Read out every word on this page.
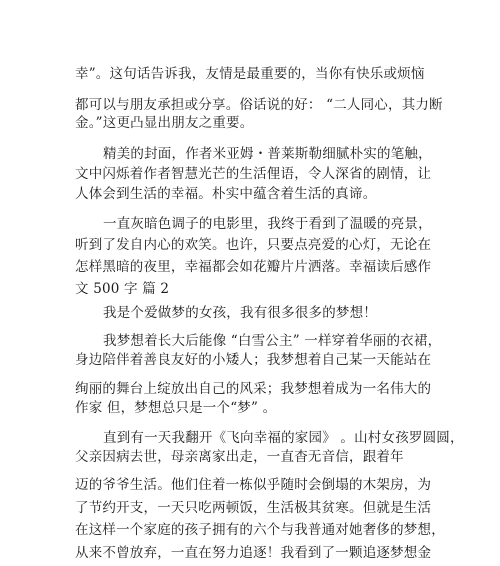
幸”。这句话告诉我，友情是最重要的，当你有快乐或烦恼
都可以与朋友承担或分享。俗话说的好： “二人同心，其力断
金。”这更凸显出朋友之重要。
精美的封面，作者米亚姆・普莱斯勒细腻朴实的笔触，
文中闪烁着作者智慧光芒的生活俚语，令人深省的剧情，让
人体会到生活的幸福。朴实中蕴含着生活的真谛。
一直灰暗色调子的电影里，我终于看到了温暖的亮景，
听到了发自内心的欢笑。也许，只要点亮爱的心灯，无论在
怎样黑暗的夜里，幸福都会如花瓣片片洒落。幸福读后感作
文 500 字 篇 2
我是个爱做梦的女孩，我有很多很多的梦想！
我梦想着长大后能像 “白雪公主” 一样穿着华丽的衣裙，
身边陪伴着善良友好的小矮人；我梦想着自己某一天能站在
绚丽的舞台上绽放出自己的风采；我梦想着成为一名伟大的
作家 但，梦想总只是一个“梦” 。
直到有一天我翻开《飞向幸福的家园》 。山村女孩罗圆圆，
父亲因病去世，母亲离家出走，一直杳无音信，跟着年
迈的爷爷生活。他们住着一栋似乎随时会倒塌的木架房，为
了节约开支，一天只吃两顿饭，生活极其贫寒。但就是生活
在这样一个家庭的孩子拥有的六个与我普通对她奢侈的梦想，
从来不曾放弃，一直在努力追逐！我看到了一颗追逐梦想金
